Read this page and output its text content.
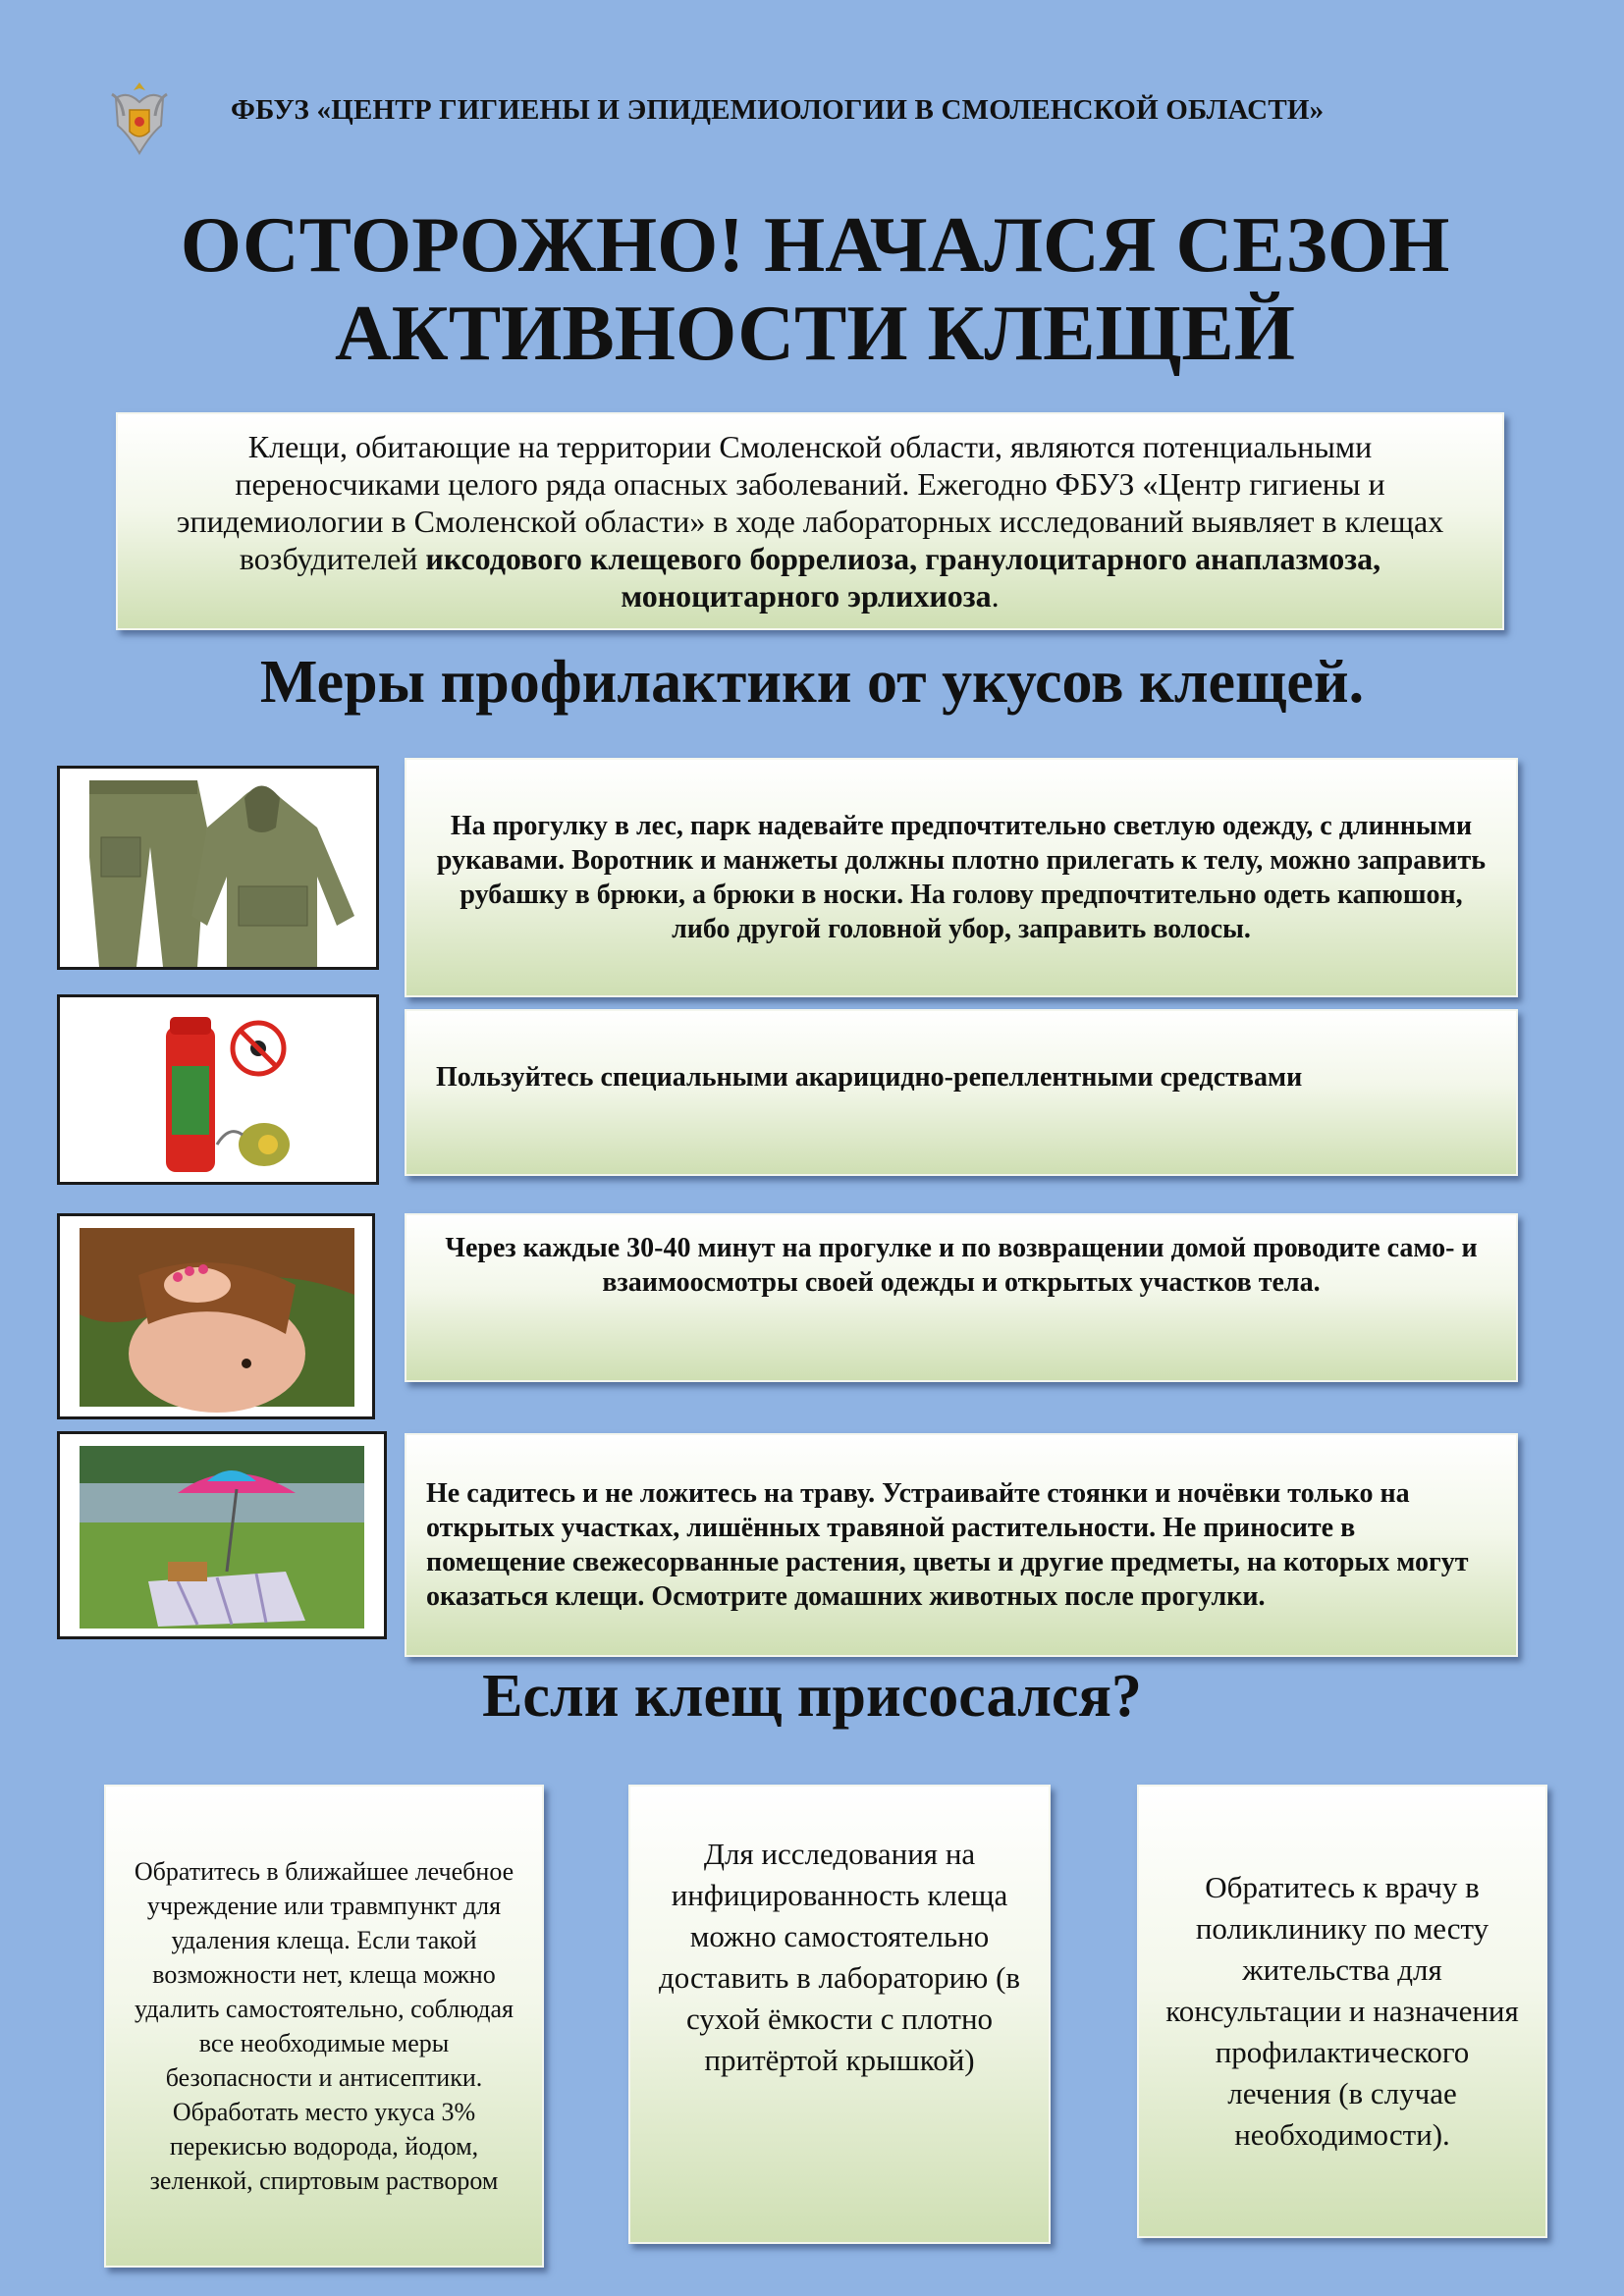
ФБУЗ «ЦЕНТР ГИГИЕНЫ И ЭПИДЕМИОЛОГИИ В СМОЛЕНСКОЙ ОБЛАСТИ»
ОСТОРОЖНО! НАЧАЛСЯ СЕЗОН
АКТИВНОСТИ КЛЕЩЕЙ
Клещи, обитающие на территории Смоленской области, являются потенциальными переносчиками целого ряда опасных заболеваний. Ежегодно ФБУЗ «Центр гигиены и эпидемиологии в Смоленской области» в ходе лабораторных исследований выявляет в клещах возбудителей иксодового клещевого боррелиоза, гранулоцитарного анаплазмоза, моноцитарного эрлихиоза.
Меры профилактики от укусов клещей.
На прогулку в лес, парк надевайте предпочтительно светлую одежду, с длинными рукавами. Воротник и манжеты должны плотно прилегать к телу, можно заправить рубашку в брюки, а брюки в носки. На голову предпочтительно одеть капюшон, либо другой головной убор, заправить волосы.
Пользуйтесь специальными акарицидно-репеллентными средствами
Через каждые 30-40 минут на прогулке и по возвращении домой проводите само- и взаимоосмотры своей одежды и открытых участков тела.
Не садитесь и не ложитесь на траву. Устраивайте стоянки и ночёвки только на открытых участках, лишённых травяной растительности. Не приносите в помещение свежесорванные растения, цветы и другие предметы, на которых могут оказаться клещи. Осмотрите домашних животных после прогулки.
Если клещ присосался?
Обратитесь в ближайшее лечебное учреждение или травмпункт для удаления клеща. Если такой возможности нет, клеща можно удалить самостоятельно, соблюдая все необходимые меры безопасности и антисептики. Обработать место укуса 3% перекисью водорода, йодом, зеленкой, спиртовым раствором
Для исследования на инфицированность клеща можно самостоятельно доставить в лабораторию (в сухой ёмкости с плотно притёртой крышкой)
Обратитесь к врачу в поликлинику по месту жительства для консультации и назначения профилактического лечения (в случае необходимости).
